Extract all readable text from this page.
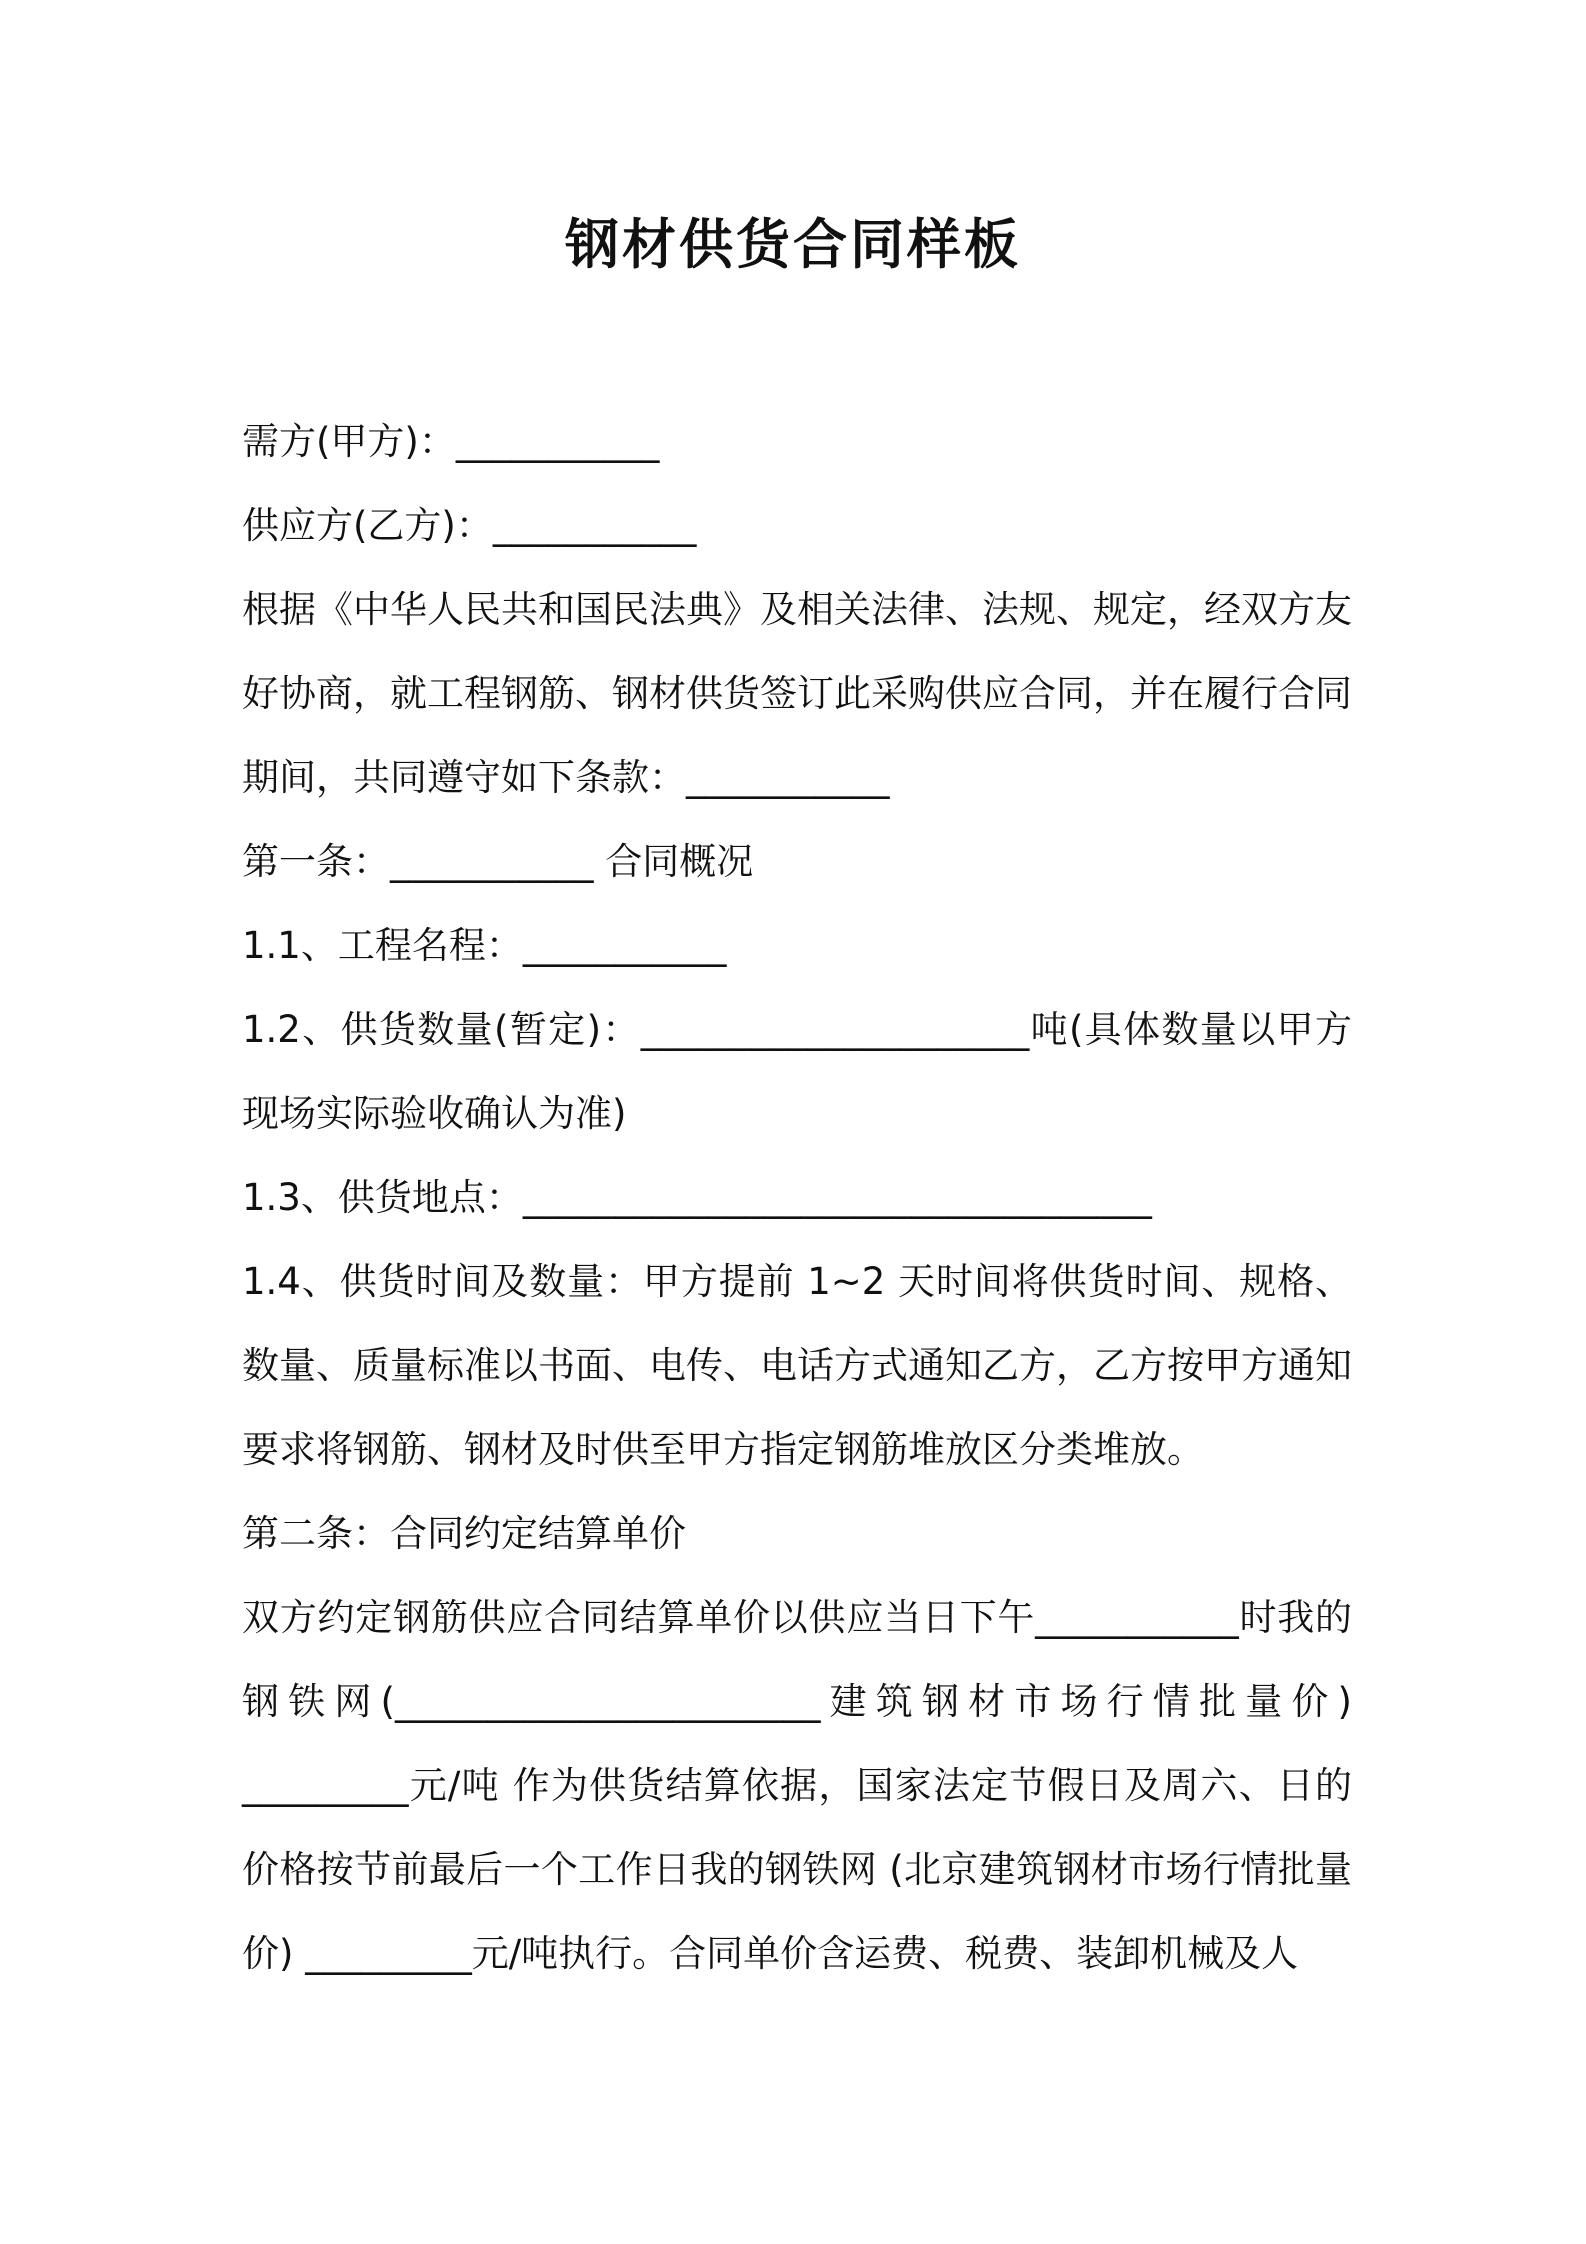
钢材供货合同样板

需方(甲方)：___________

供应方(乙方)：___________

根据《中华人民共和国民法典》及相关法律、法规、规定，经双方友好协商，就工程钢筋、钢材供货签订此采购供应合同，并在履行合同期间，共同遵守如下条款：___________

第一条：___________ 合同概况

1.1、工程名程：___________

1.2、供货数量(暂定)：_____________________吨(具体数量以甲方现场实际验收确认为准)

1.3、供货地点：__________________________________

1.4、供货时间及数量：甲方提前 1~2 天时间将供货时间、规格、数量、质量标准以书面、电传、电话方式通知乙方，乙方按甲方通知要求将钢筋、钢材及时供至甲方指定钢筋堆放区分类堆放。

第二条：合同约定结算单价

双方约定钢筋供应合同结算单价以供应当日下午___________时我的钢铁网(_______________________建筑钢材市场行情批量价) _________元/吨 作为供货结算依据，国家法定节假日及周六、日的价格按节前最后一个工作日我的钢铁网 (北京建筑钢材市场行情批量价) _________元/吨执行。合同单价含运费、税费、装卸机械及人
